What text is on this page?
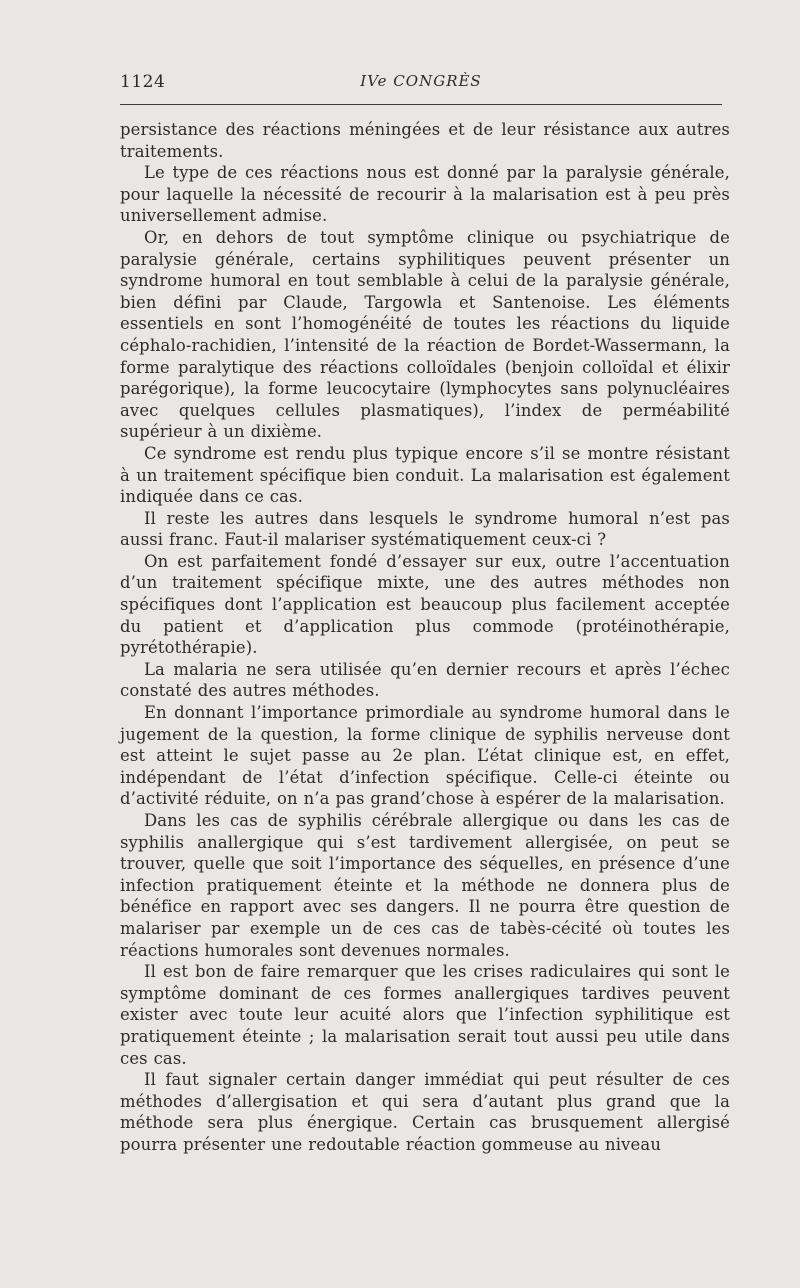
1124	IVe CONGRÈS

persistance des réactions méningées et de leur résistance aux autres traitements.

Le type de ces réactions nous est donné par la paralysie générale, pour laquelle la nécessité de recourir à la malarisation est à peu près universellement admise.

Or, en dehors de tout symptôme clinique ou psychiatrique de paralysie générale, certains syphilitiques peuvent présenter un syndrome humoral en tout semblable à celui de la paralysie générale, bien défini par Claude, Targowla et Santenoise. Les éléments essentiels en sont l’homogénéité de toutes les réactions du liquide céphalo-rachidien, l’intensité de la réaction de Bordet-Wassermann, la forme paralytique des réactions colloïdales (benjoin colloïdal et élixir parégorique), la forme leucocytaire (lymphocytes sans polynucléaires avec quelques cellules plasmatiques), l’index de perméabilité supérieur à un dixième.

Ce syndrome est rendu plus typique encore s’il se montre résistant à un traitement spécifique bien conduit. La malarisation est également indiquée dans ce cas.

Il reste les autres dans lesquels le syndrome humoral n’est pas aussi franc. Faut-il malariser systématiquement ceux-ci ?

On est parfaitement fondé d’essayer sur eux, outre l’accentuation d’un traitement spécifique mixte, une des autres méthodes non spécifiques dont l’application est beaucoup plus facilement acceptée du patient et d’application plus commode (protéinothérapie, pyrétothérapie).

La malaria ne sera utilisée qu’en dernier recours et après l’échec constaté des autres méthodes.

En donnant l’importance primordiale au syndrome humoral dans le jugement de la question, la forme clinique de syphilis nerveuse dont est atteint le sujet passe au 2e plan. L’état clinique est, en effet, indépendant de l’état d’infection spécifique. Celle-ci éteinte ou d’activité réduite, on n’a pas grand’chose à espérer de la malarisation.

Dans les cas de syphilis cérébrale allergique ou dans les cas de syphilis anallergique qui s’est tardivement allergisée, on peut se trouver, quelle que soit l’importance des séquelles, en présence d’une infection pratiquement éteinte et la méthode ne donnera plus de bénéfice en rapport avec ses dangers. Il ne pourra être question de malariser par exemple un de ces cas de tabès-cécité où toutes les réactions humorales sont devenues normales.

Il est bon de faire remarquer que les crises radiculaires qui sont le symptôme dominant de ces formes anallergiques tardives peuvent exister avec toute leur acuité alors que l’infection syphilitique est pratiquement éteinte ; la malarisation serait tout aussi peu utile dans ces cas.

Il faut signaler certain danger immédiat qui peut résulter de ces méthodes d’allergisation et qui sera d’autant plus grand que la méthode sera plus énergique. Certain cas brusquement allergisé pourra présenter une redoutable réaction gommeuse au niveau
